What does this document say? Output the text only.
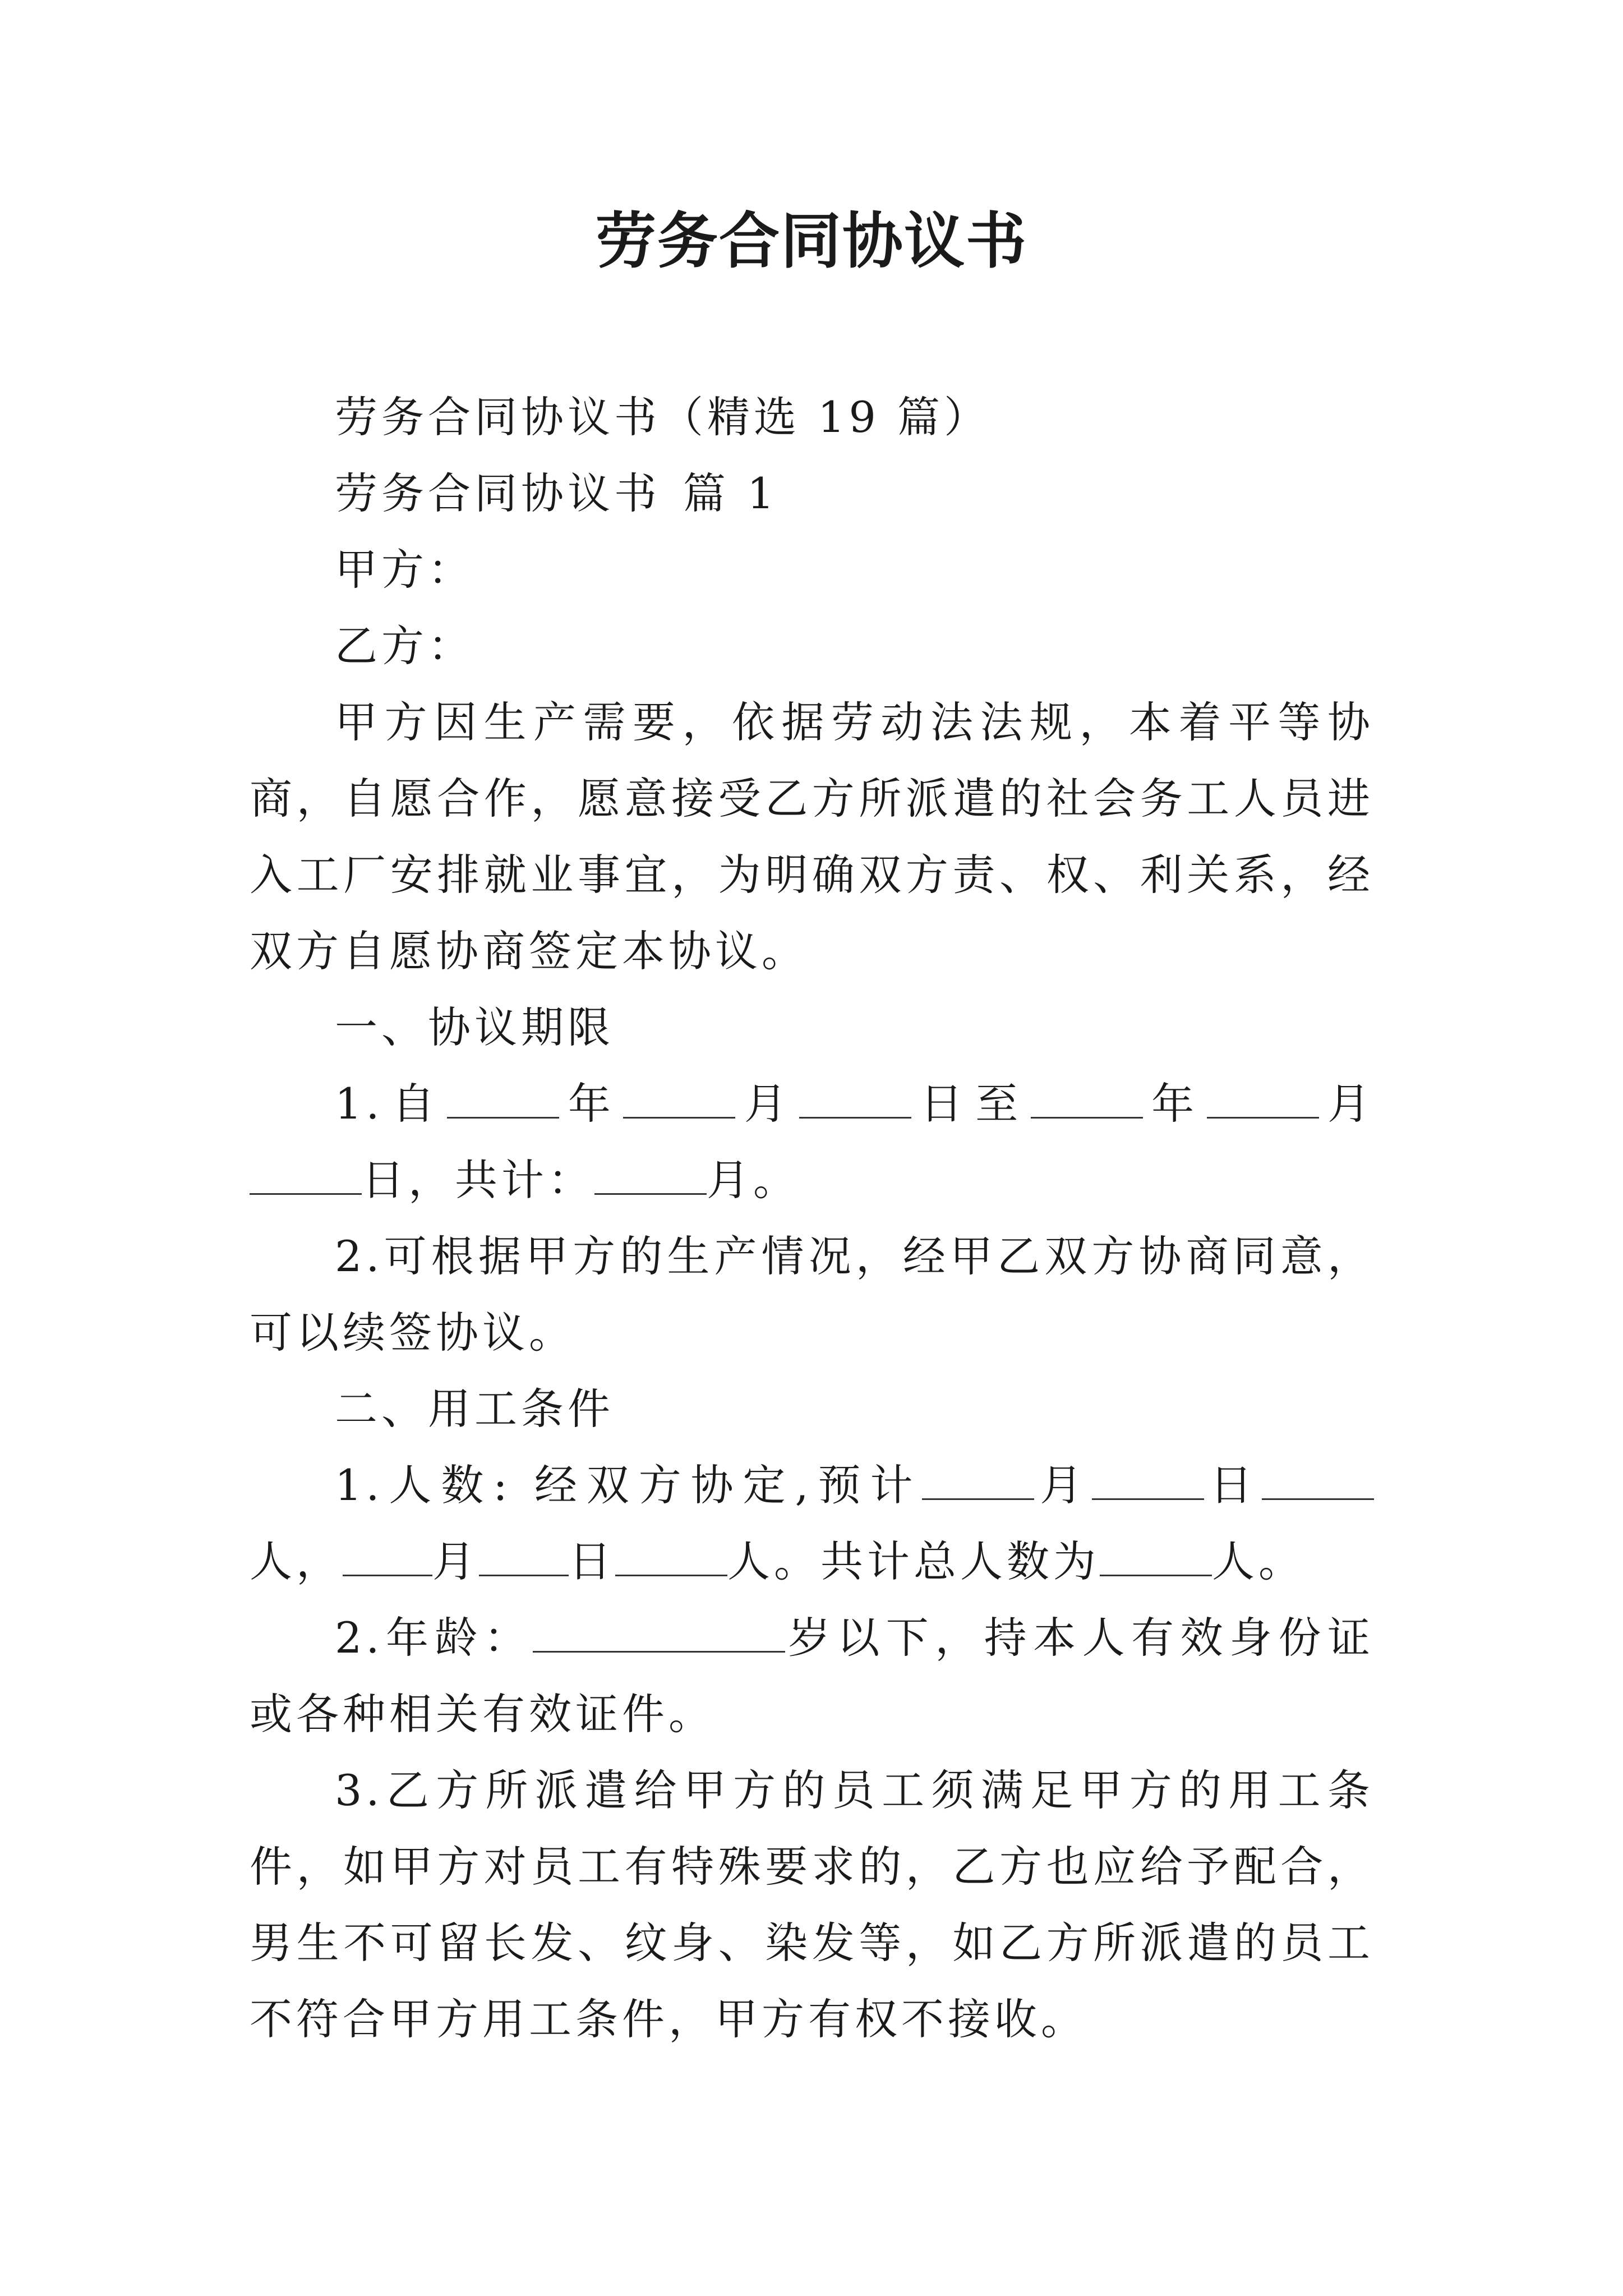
劳务合同协议书

劳务合同协议书（精选 19 篇）

劳务合同协议书 篇 1

甲方：

乙方：

甲方因生产需要，依据劳动法法规，本着平等协商，自愿合作，愿意接受乙方所派遣的社会务工人员进入工厂安排就业事宜，为明确双方责、权、利关系，经双方自愿协商签定本协议。

一、协议期限

1.自	年	月	日至	年	月日，共计：	月。

2.可根据甲方的生产情况，经甲乙双方协商同意，可以续签协议。

二、用工条件

1.人数: 经双方协定,预计	月	日人， 月 日	人。共计总人数为	人。

2.年龄：	岁以下，持本人有效身份证或各种相关有效证件。

3.乙方所派遣给甲方的员工须满足甲方的用工条件，如甲方对员工有特殊要求的，乙方也应给予配合，男生不可留长发、纹身、染发等，如乙方所派遣的员工不符合甲方用工条件，甲方有权不接收。
